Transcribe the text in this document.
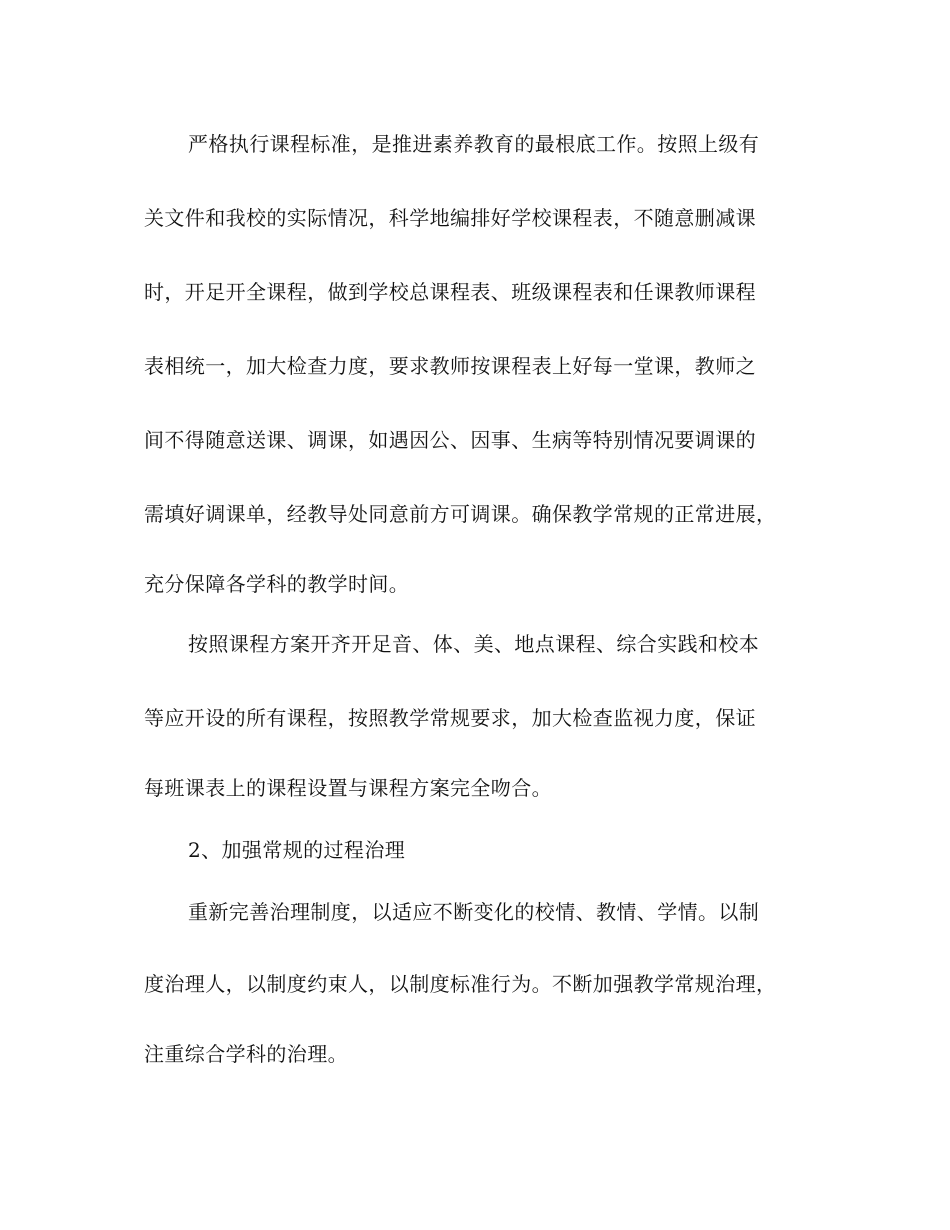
严格执行课程标准，是推进素养教育的最根底工作。按照上级有
关文件和我校的实际情况，科学地编排好学校课程表，不随意删减课
时，开足开全课程，做到学校总课程表、班级课程表和任课教师课程
表相统一，加大检查力度，要求教师按课程表上好每一堂课，教师之
间不得随意送课、调课，如遇因公、因事、生病等特别情况要调课的
需填好调课单，经教导处同意前方可调课。确保教学常规的正常进展，
充分保障各学科的教学时间。
按照课程方案开齐开足音、体、美、地点课程、综合实践和校本
等应开设的所有课程，按照教学常规要求，加大检查监视力度，保证
每班课表上的课程设置与课程方案完全吻合。
2、加强常规的过程治理
重新完善治理制度，以适应不断变化的校情、教情、学情。以制
度治理人，以制度约束人，以制度标准行为。不断加强教学常规治理，
注重综合学科的治理。
